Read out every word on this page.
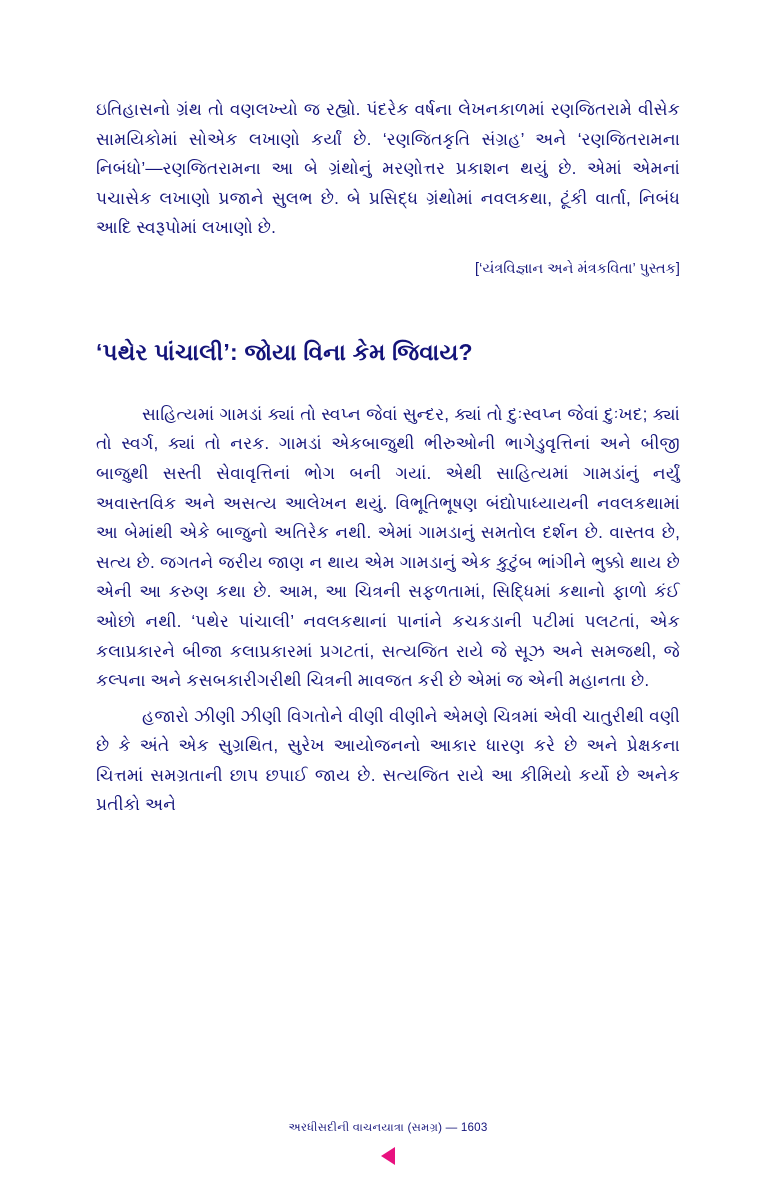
ઇતિહાસનો ગ્રંથ તો વણલખ્યો જ રહ્યો. પંદરેક વર્ષના લેખનકાળમાં રણજિતરામે વીસેક સામયિકોમાં સોએક લખાણો કર્યાં છે. ‘રણજિતકૃતિ સંગ્રહ’ અને ‘રણજિતરામના નિબંધો’—રણજિતરામના આ બે ગ્રંથોનું મરણોત્તર પ્રકાશન થયું છે. એમાં એમનાં પચાસેક લખાણો પ્રજાને સુલભ છે. બે પ્રસિદ્ધ ગ્રંથોમાં નવલકથા, ટૂંકી વાર્તા, નિબંધ આદિ સ્વરૂપોમાં લખાણો છે.

[‘યંત્રવિજ્ઞાન અને મંત્રકવિતા’ પુસ્તક]

‘પથેર પાંચાલી’: જોયા વિના કેમ જિવાય?

સાહિત્યમાં ગામડાં ક્યાં તો સ્વપ્ન જેવાં સુન્દર, ક્યાં તો દુઃસ્વપ્ન જેવાં દુઃખદ; ક્યાં તો સ્વર્ગ, ક્યાં તો નરક. ગામડાં એકબાજુથી ભીરુઓની ભાગેડુવૃત્તિનાં અને બીજી બાજુથી સસ્તી સેવાવૃત્તિનાં ભોગ બની ગયાં. એથી સાહિત્યમાં ગામડાંનું નર્યું અવાસ્તવિક અને અસત્ય આલેખન થયું. વિભૂતિભૂષણ બંદ્યોપાધ્યાયની નવલકથામાં આ બેમાંથી એકે બાજુનો અતિરેક નથી. એમાં ગામડાનું સમતોલ દર્શન છે. વાસ્તવ છે, સત્ય છે. જગતને જરીય જાણ ન થાય એમ ગામડાનું એક કુટુંબ ભાંગીને ભુક્કો થાય છે એની આ કરુણ કથા છે. આમ, આ ચિત્રની સફળતામાં, સિદ્ધિમાં કથાનો ફાળો કંઈ ઓછો નથી. ‘પથેર પાંચાલી’ નવલકથાનાં પાનાંને કચકડાની પટીમાં પલટતાં, એક કલાપ્રકારને બીજા કલાપ્રકારમાં પ્રગટતાં, સત્યજિત રાયે જે સૂઝ અને સમજથી, જે કલ્પના અને કસબકારીગરીથી ચિત્રની માવજત કરી છે એમાં જ એની મહાનતા છે.

હજારો ઝીણી ઝીણી વિગતોને વીણી વીણીને એમણે ચિત્રમાં એવી ચાતુરીથી વણી છે કે અંતે એક સુગ્રથિત, સુરેખ આયોજનનો આકાર ધારણ કરે છે અને પ્રેક્ષકના ચિત્તમાં સમગ્રતાની છાપ છપાઈ જાય છે. સત્યજિત રાયે આ કીમિયો કર્યો છે અનેક પ્રતીકો અને

અરધીસદીની વાચનયાત્રા (સમગ્ર) — 1603
